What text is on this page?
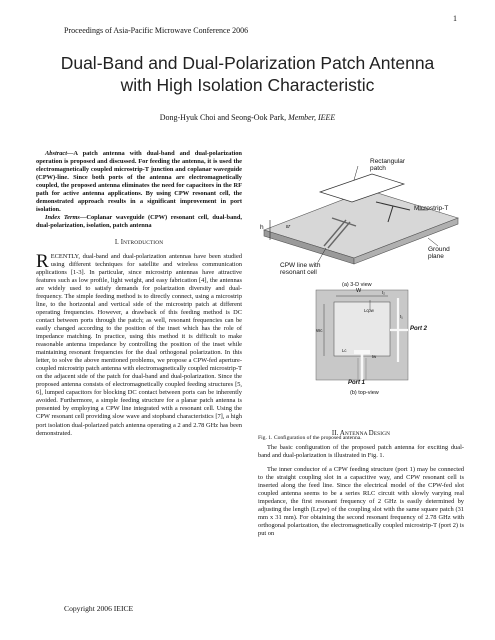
1
Proceedings of Asia-Pacific Microwave Conference 2006
Dual-Band and Dual-Polarization Patch Antenna
with High Isolation Characteristic
Dong-Hyuk Choi and Seong-Ook Park, Member, IEEE

Abstract—A patch antenna with dual-band and dual-polarization operation is proposed and discussed. For feeding the antenna, it is used the electromagnetically coupled microstrip-T junction and coplanar waveguide (CPW)-line. Since both ports of the antenna are electromagnetically coupled, the proposed antenna eliminates the need for capacitors in the RF path for active antenna applications. By using CPW resonant cell, the demonstrated approach results in a significant improvement in port isolation.

Index Terms—Coplanar waveguide (CPW) resonant cell, dual-band, dual-polarization, isolation, patch antenna

I. INTRODUCTION

RECENTLY, dual-band and dual-polarization antennas have been studied using different techniques for satellite and wireless communication applications [1-3]. In particular, since microstrip antennas have attractive features such as low profile, light weight, and easy fabrication [4], the antennas are widely used to satisfy demands for polarization diversity and dual-frequency. The simple feeding method is to directly connect, using a microstrip line, to the horizontal and vertical side of the microstrip patch at different operating frequencies. However, a drawback of this feeding method is DC contact between ports through the patch; as well, resonant frequencies can be easily changed according to the position of the inset which has the role of impedance matching. In practice, using this method it is difficult to make reasonable antenna impedance by controlling the position of the inset while maintaining resonant frequencies for the dual orthogonal polarization. In this letter, to solve the above mentioned problems, we propose a CPW-fed aperture-coupled microstrip patch antenna with electromagnetically coupled microstrip-T on the adjacent side of the patch for dual-band and dual-polarization. Since the proposed antenna consists of electromagnetically coupled feeding structures [5, 6], lumped capacitors for blocking DC contact between ports can be inherently avoided. Furthermore, a simple feeding structure for a planar patch antenna is presented by employing a CPW line integrated with a resonant cell. Using the CPW resonant cell providing slow wave and stopband characteristics [7], a high port isolation dual-polarized patch antenna operating a 2 and 2.78 GHz has been demonstrated.

Copyright 2006 IEICE
Rectangular
patch
Microstrip-T
h	εr
Ground plane
CPW line with
resonant cell
(a) 3-D view
W	t₂
Lcpw
t₁
Port 2
Wc
Lc
tw
Port 1
(b) top-view
Fig. 1. Configuration of the proposed antenna.
II. ANTENNA DESIGN

The basic configuration of the proposed patch antenna for exciting dual-band and dual-polarization is illustrated in Fig. 1.

The inner conductor of a CPW feeding structure (port 1) may be connected to the straight coupling slot in a capacitive way, and CPW resonant cell is inserted along the feed line. Since the electrical model of the CPW-fed slot coupled antenna seems to be a series RLC circuit with slowly varying real impedance, the first resonant frequency of 2 GHz is easily determined by adjusting the length (Lcpw) of the coupling slot with the same square patch (31 mm x 31 mm). For obtaining the second resonant frequency of 2.78 GHz with orthogonal polarization, the electromagnetically coupled microstrip-T (port 2) is put on
